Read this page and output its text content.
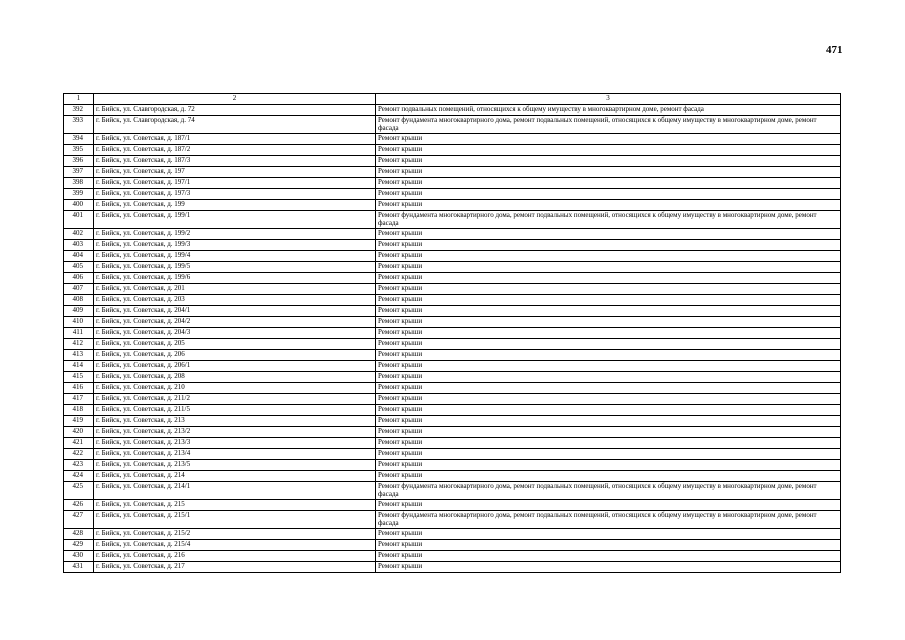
471
1	2	3
392	г. Бийск, ул. Славгородская, д. 72	Ремонт подвальных помещений, относящихся к общему имуществу в многоквартирном доме, ремонт фасада
393	г. Бийск, ул. Славгородская, д. 74	Ремонт фундамента многоквартирного дома, ремонт подвальных помещений, относящихся к общему имуществу в многоквартирном доме, ремонт фасада
394	г. Бийск, ул. Советская, д. 187/1	Ремонт крыши
395	г. Бийск, ул. Советская, д. 187/2	Ремонт крыши
396	г. Бийск, ул. Советская, д. 187/3	Ремонт крыши
397	г. Бийск, ул. Советская, д. 197	Ремонт крыши
398	г. Бийск, ул. Советская, д. 197/1	Ремонт крыши
399	г. Бийск, ул. Советская, д. 197/3	Ремонт крыши
400	г. Бийск, ул. Советская, д. 199	Ремонт крыши
401	г. Бийск, ул. Советская, д. 199/1	Ремонт фундамента многоквартирного дома, ремонт подвальных помещений, относящихся к общему имуществу в многоквартирном доме, ремонт фасада
402	г. Бийск, ул. Советская, д. 199/2	Ремонт крыши
403	г. Бийск, ул. Советская, д. 199/3	Ремонт крыши
404	г. Бийск, ул. Советская, д. 199/4	Ремонт крыши
405	г. Бийск, ул. Советская, д. 199/5	Ремонт крыши
406	г. Бийск, ул. Советская, д. 199/6	Ремонт крыши
407	г. Бийск, ул. Советская, д. 201	Ремонт крыши
408	г. Бийск, ул. Советская, д. 203	Ремонт крыши
409	г. Бийск, ул. Советская, д. 204/1	Ремонт крыши
410	г. Бийск, ул. Советская, д. 204/2	Ремонт крыши
411	г. Бийск, ул. Советская, д. 204/3	Ремонт крыши
412	г. Бийск, ул. Советская, д. 205	Ремонт крыши
413	г. Бийск, ул. Советская, д. 206	Ремонт крыши
414	г. Бийск, ул. Советская, д. 206/1	Ремонт крыши
415	г. Бийск, ул. Советская, д. 208	Ремонт крыши
416	г. Бийск, ул. Советская, д. 210	Ремонт крыши
417	г. Бийск, ул. Советская, д. 211/2	Ремонт крыши
418	г. Бийск, ул. Советская, д. 211/5	Ремонт крыши
419	г. Бийск, ул. Советская, д. 213	Ремонт крыши
420	г. Бийск, ул. Советская, д. 213/2	Ремонт крыши
421	г. Бийск, ул. Советская, д. 213/3	Ремонт крыши
422	г. Бийск, ул. Советская, д. 213/4	Ремонт крыши
423	г. Бийск, ул. Советская, д. 213/5	Ремонт крыши
424	г. Бийск, ул. Советская, д. 214	Ремонт крыши
425	г. Бийск, ул. Советская, д. 214/1	Ремонт фундамента многоквартирного дома, ремонт подвальных помещений, относящихся к общему имуществу в многоквартирном доме, ремонт фасада
426	г. Бийск, ул. Советская, д. 215	Ремонт крыши
427	г. Бийск, ул. Советская, д. 215/1	Ремонт фундамента многоквартирного дома, ремонт подвальных помещений, относящихся к общему имуществу в многоквартирном доме, ремонт фасада
428	г. Бийск, ул. Советская, д. 215/2	Ремонт крыши
429	г. Бийск, ул. Советская, д. 215/4	Ремонт крыши
430	г. Бийск, ул. Советская, д. 216	Ремонт крыши
431	г. Бийск, ул. Советская, д. 217	Ремонт крыши
